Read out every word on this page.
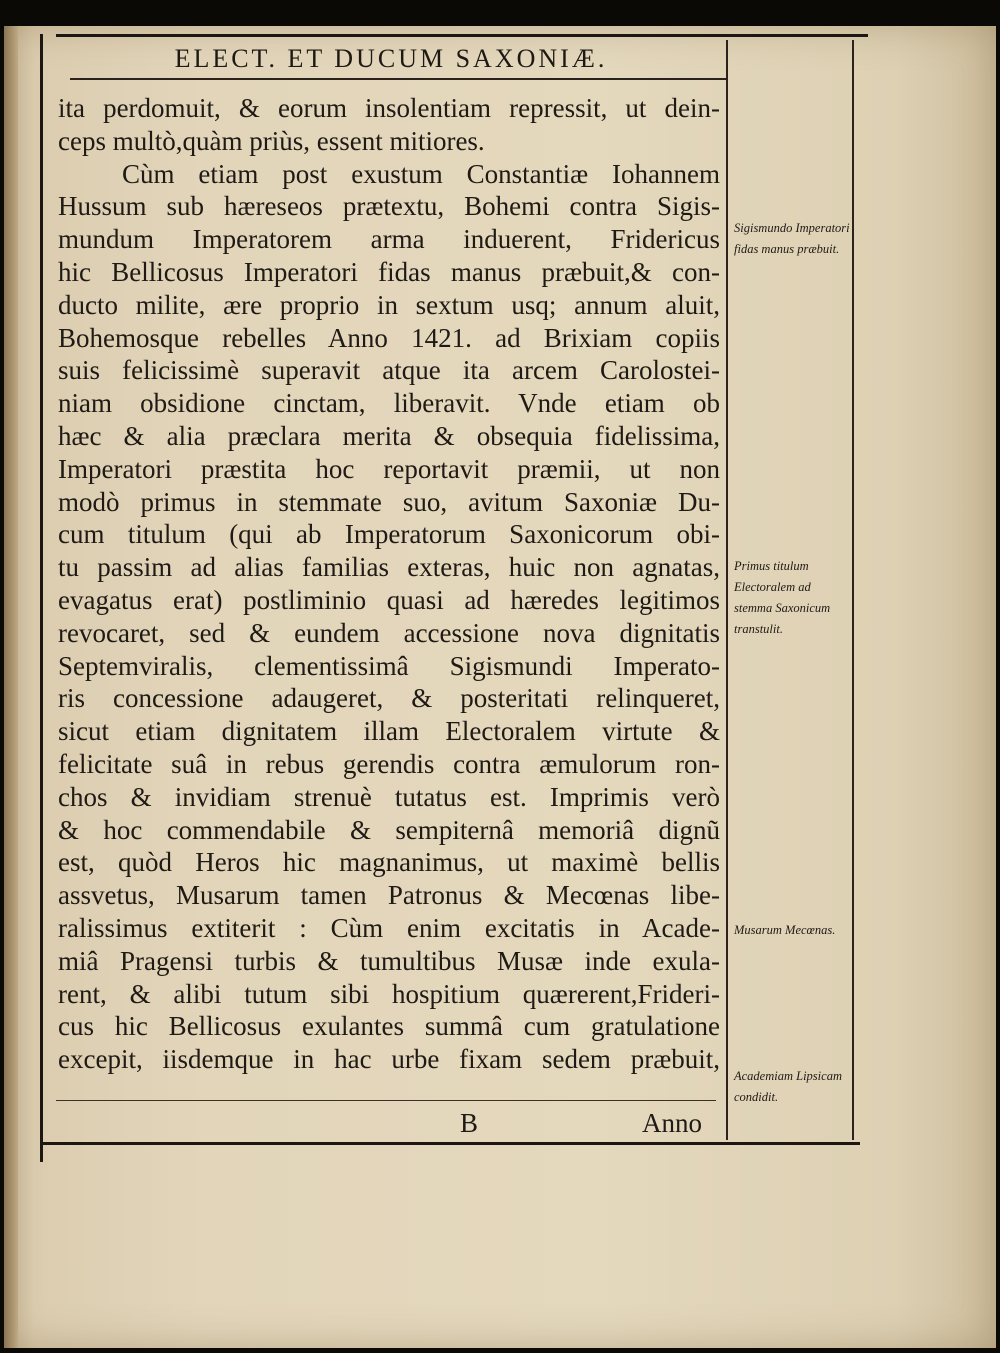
ELECT. ET DUCUM SAXONIÆ.
ita perdomuit, & eorum insolentiam repressit, ut dein-
ceps multò,quàm priùs, essent mitiores.
Cùm etiam post exustum Constantiæ Iohannem
Hussum sub hæreseos prætextu, Bohemi contra Sigis-
mundum Imperatorem arma induerent, Fridericus
hic Bellicosus Imperatori fidas manus præbuit,& con-
ducto milite, ære proprio in sextum usq; annum aluit,
Bohemosque rebelles Anno 1421. ad Brixiam copiis
suis felicissimè superavit atque ita arcem Carolostei-
niam obsidione cinctam, liberavit. Vnde etiam ob
hæc & alia præclara merita & obsequia fidelissima,
Imperatori præstita hoc reportavit præmii, ut non
modò primus in stemmate suo, avitum Saxoniæ Du-
cum titulum (qui ab Imperatorum Saxonicorum obi-
tu passim ad alias familias exteras, huic non agnatas,
evagatus erat) postliminio quasi ad hæredes legitimos
revocaret, sed & eundem accessione nova dignitatis
Septemviralis, clementissimâ Sigismundi Imperato-
ris concessione adaugeret, & posteritati relinqueret,
sicut etiam dignitatem illam Electoralem virtute &
felicitate suâ in rebus gerendis contra æmulorum ron-
chos & invidiam strenuè tutatus est. Imprimis verò
& hoc commendabile & sempiternâ memoriâ dignũ
est, quòd Heros hic magnanimus, ut maximè bellis
assvetus, Musarum tamen Patronus & Mecœnas libe-
ralissimus extiterit : Cùm enim excitatis in Acade-
miâ Pragensi turbis & tumultibus Musæ inde exula-
rent, & alibi tutum sibi hospitium quærerent,Frideri-
cus hic Bellicosus exulantes summâ cum gratulatione
excepit, iisdemque in hac urbe fixam sedem præbuit,
Sigismundo Imperatori fidas manus præbuit.
Primus titulum Electoralem ad stemma Saxonicum transtulit.
Musarum Mecœnas.
Academiam Lipsicam condidit.
B	Anno
